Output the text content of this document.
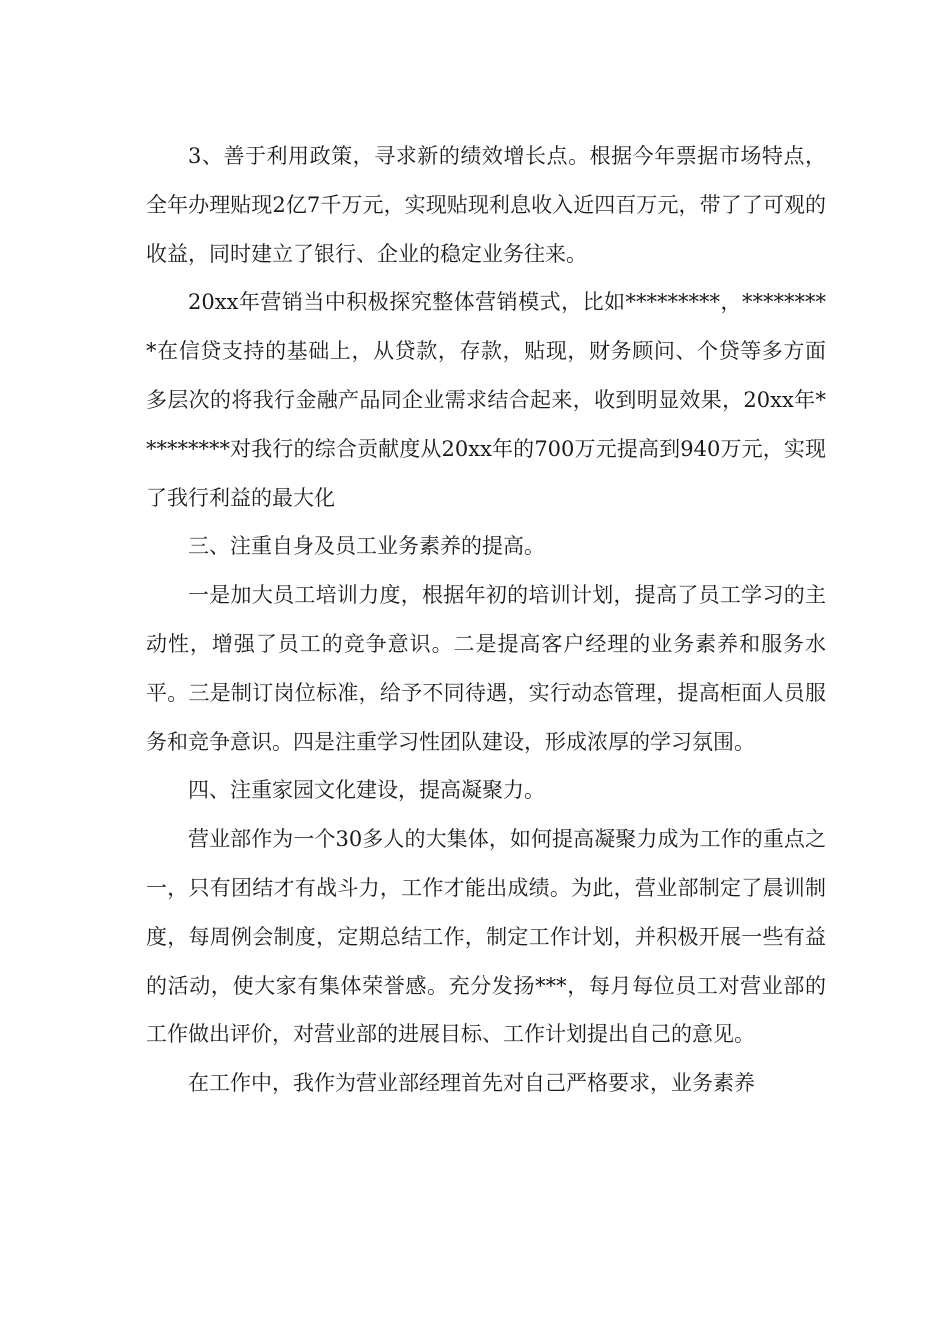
3、善于利用政策，寻求新的绩效增长点。根据今年票据市场特点，全年办理贴现2亿7千万元，实现贴现利息收入近四百万元，带了了可观的收益，同时建立了银行、企业的稳定业务往来。

20xx年营销当中积极探究整体营销模式，比如*********，*********在信贷支持的基础上，从贷款，存款，贴现，财务顾问、个贷等多方面多层次的将我行金融产品同企业需求结合起来，收到明显效果，20xx年*********对我行的综合贡献度从20xx年的700万元提高到940万元，实现了我行利益的最大化

三、注重自身及员工业务素养的提高。

一是加大员工培训力度，根据年初的培训计划，提高了员工学习的主动性，增强了员工的竞争意识。二是提高客户经理的业务素养和服务水平。三是制订岗位标准，给予不同待遇，实行动态管理，提高柜面人员服务和竞争意识。四是注重学习性团队建设，形成浓厚的学习氛围。

四、注重家园文化建设，提高凝聚力。

营业部作为一个30多人的大集体，如何提高凝聚力成为工作的重点之一，只有团结才有战斗力，工作才能出成绩。为此，营业部制定了晨训制度，每周例会制度，定期总结工作，制定工作计划，并积极开展一些有益的活动，使大家有集体荣誉感。充分发扬***，每月每位员工对营业部的工作做出评价，对营业部的进展目标、工作计划提出自己的意见。

在工作中，我作为营业部经理首先对自己严格要求，业务素养
